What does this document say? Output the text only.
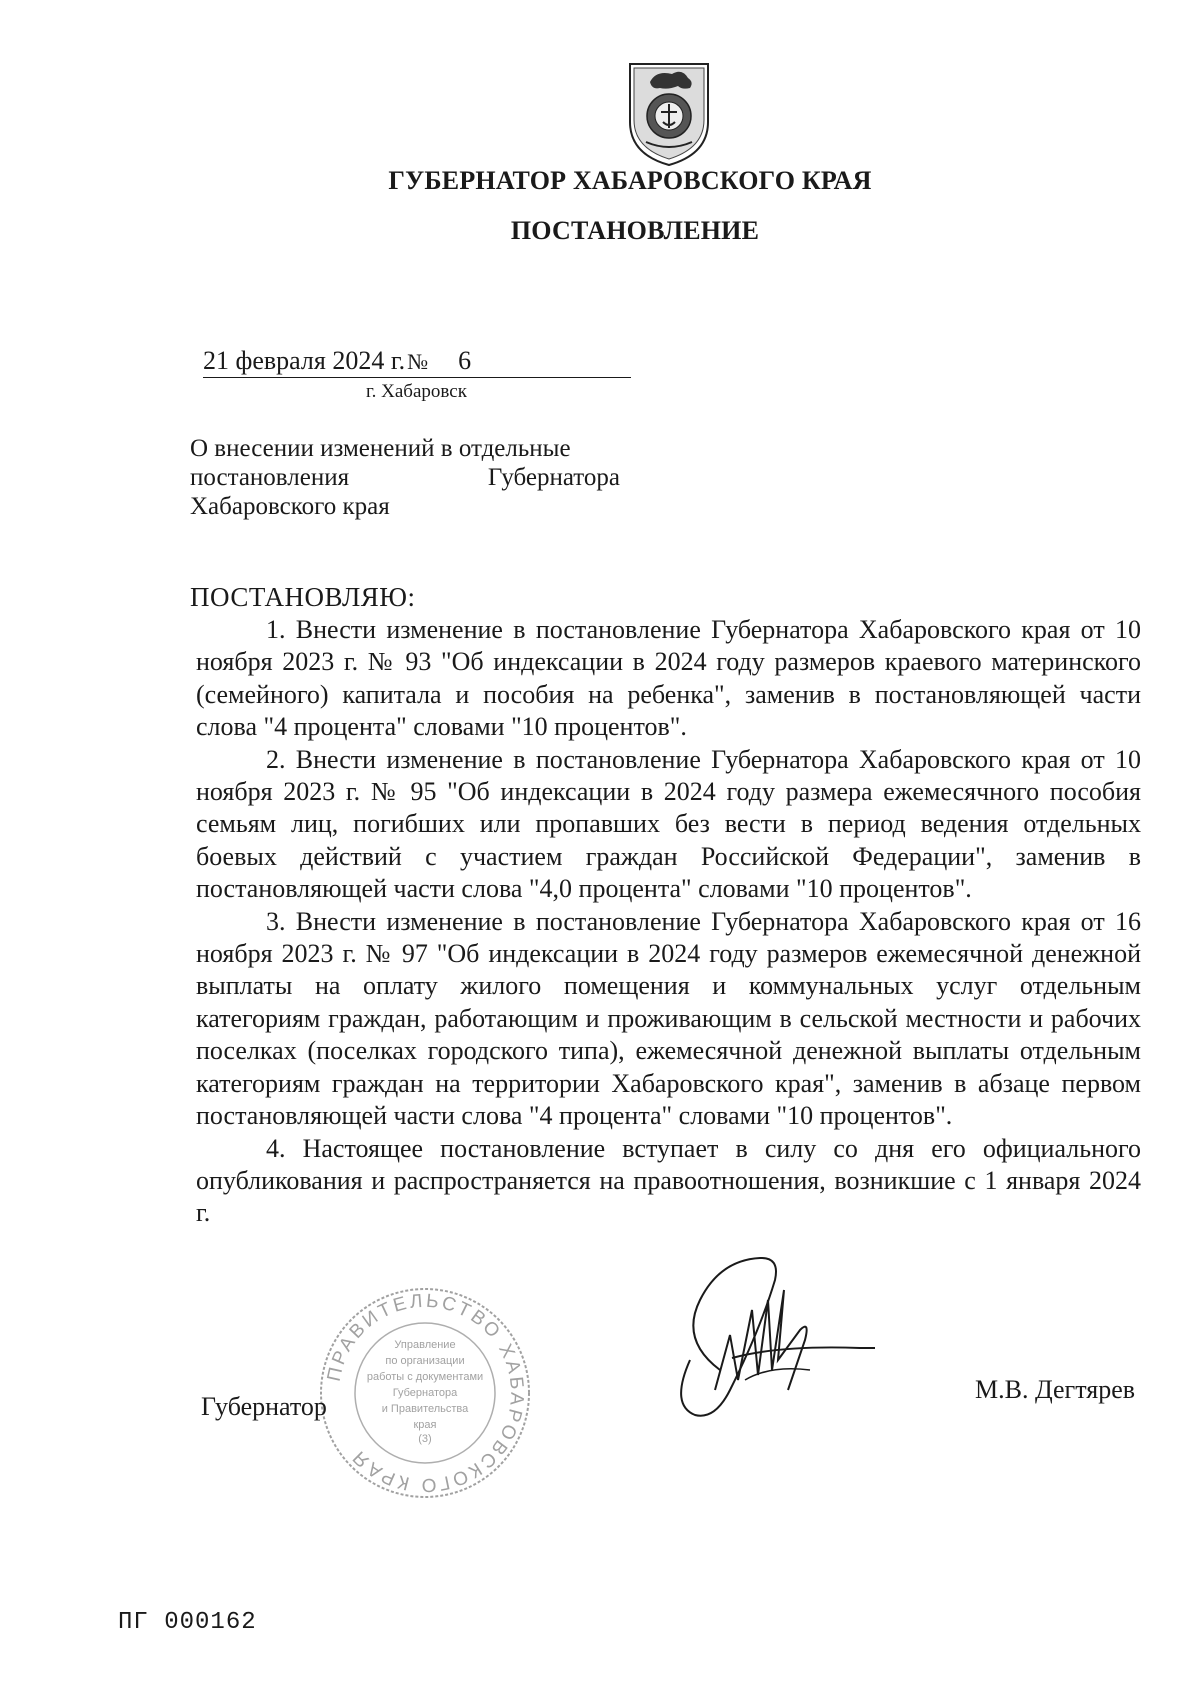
ГУБЕРНАТОР ХАБАРОВСКОГО КРАЯ
ПОСТАНОВЛЕНИЕ
21 февраля 2024 г.№ 6
г. Хабаровск
О внесении изменений в отдельные
постановления	Губернатора
Хабаровского края
ПОСТАНОВЛЯЮ:

1. Внести изменение в постановление Губернатора Хабаровского края от 10 ноября 2023 г. № 93 "Об индексации в 2024 году размеров краевого материнского (семейного) капитала и пособия на ребенка", заменив в постановляющей части слова "4 процента" словами "10 процентов".

2. Внести изменение в постановление Губернатора Хабаровского края от 10 ноября 2023 г. № 95 "Об индексации в 2024 году размера ежемесячного пособия семьям лиц, погибших или пропавших без вести в период ведения отдельных боевых действий с участием граждан Российской Федерации", заменив в постановляющей части слова "4,0 процента" словами "10 процентов".

3. Внести изменение в постановление Губернатора Хабаровского края от 16 ноября 2023 г. № 97 "Об индексации в 2024 году размеров ежемесячной денежной выплаты на оплату жилого помещения и коммунальных услуг отдельным категориям граждан, работающим и проживающим в сельской местности и рабочих поселках (поселках городского типа), ежемесячной денежной выплаты отдельным категориям граждан на территории Хабаровского края", заменив в абзаце первом постановляющей части слова "4 процента" словами "10 процентов".

4. Настоящее постановление вступает в силу со дня его официального опубликования и распространяется на правоотношения, возникшие с 1 января 2024 г.

ПРАВИТЕЛЬСТВО ХАБАРОВСКОГО КРАЯ
Управление
по организации
работы с документами
Губернатора
и Правительства
края
(3)
Губернатор
М.В. Дегтярев
ПГ 000162
